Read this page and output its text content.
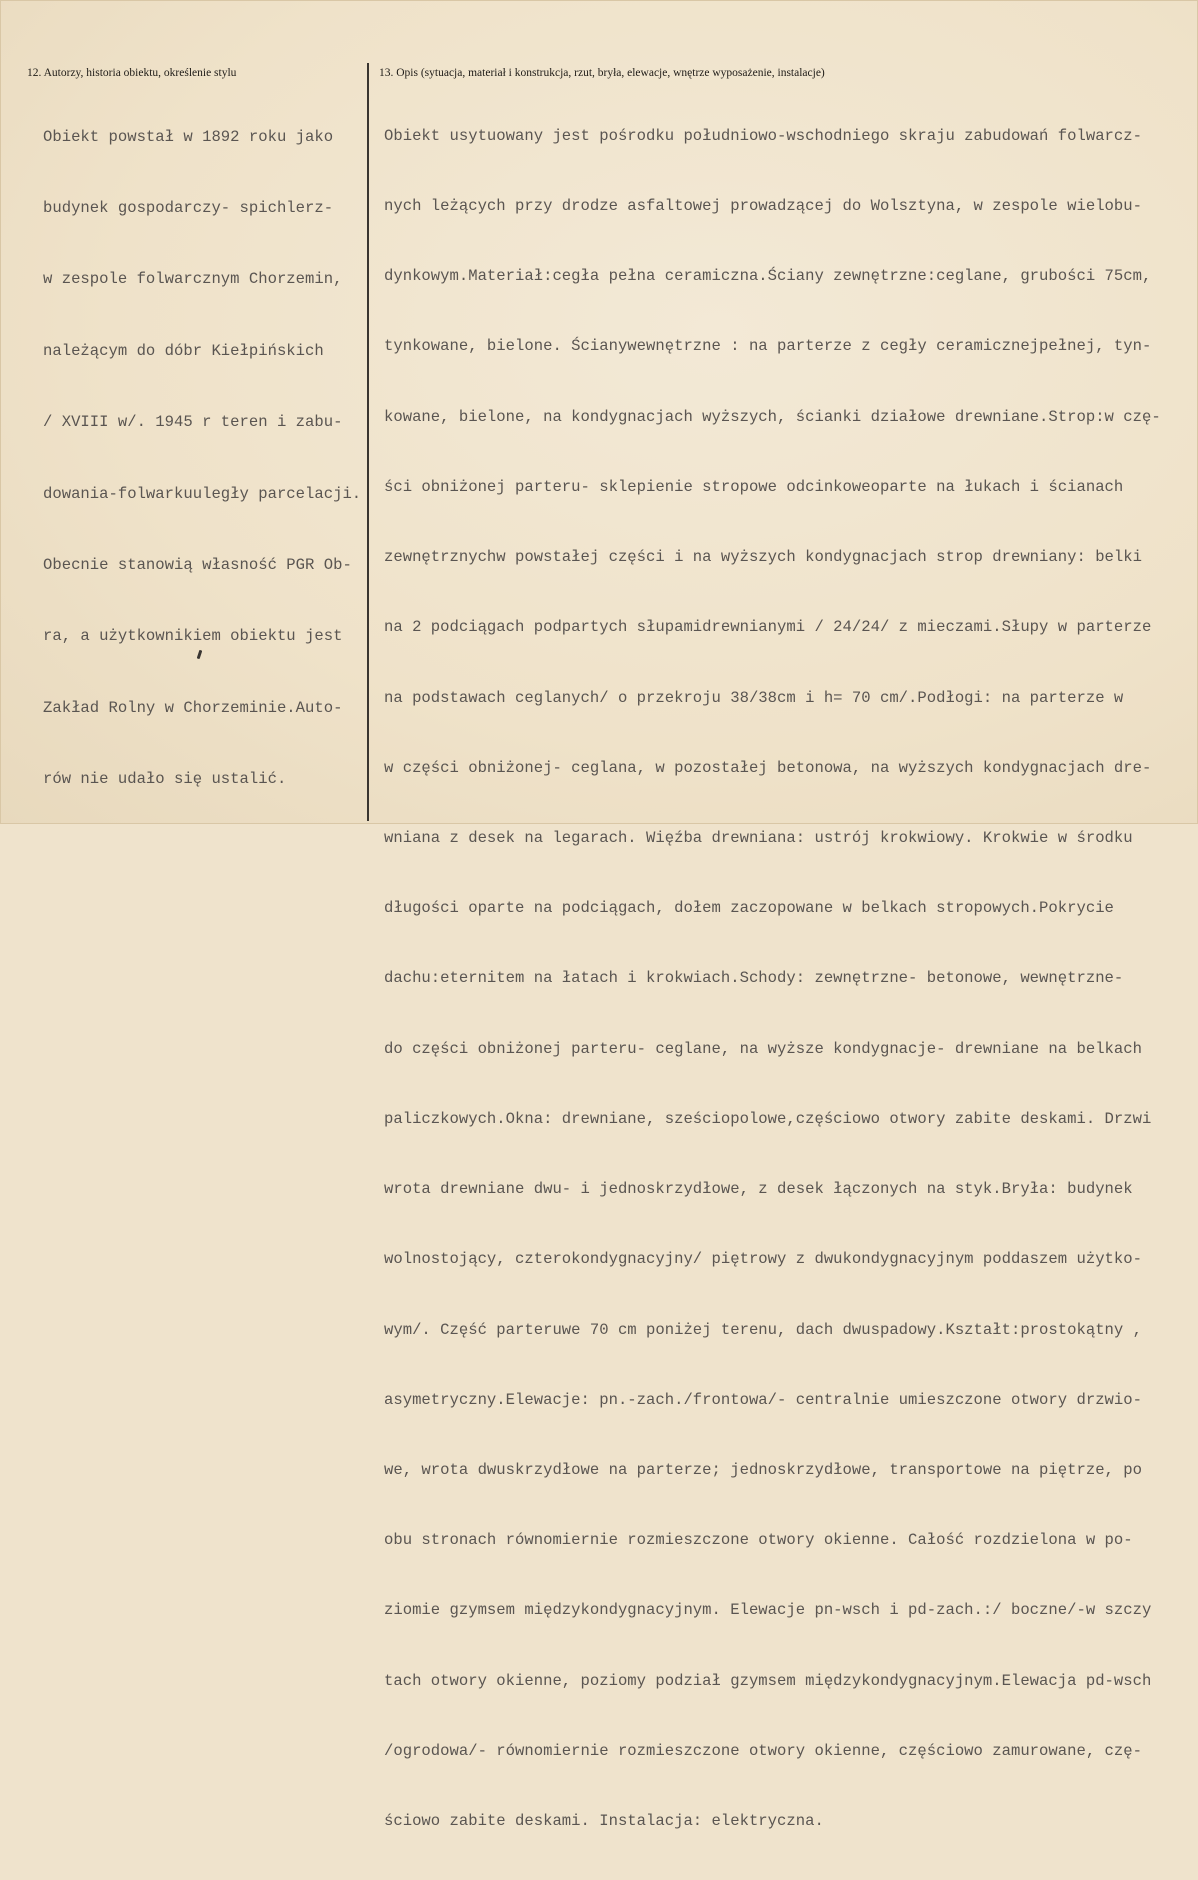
12. Autorzy, historia obiektu, określenie stylu	13. Opis (sytuacja, materiał i konstrukcja, rzut, bryła, elewacje, wnętrze wyposażenie, instalacje)

Obiekt powstał w 1892 roku jako

budynek gospodarczy- spichlerz-

w zespole folwarcznym Chorzemin,

należącym do dóbr Kiełpińskich

/ XVIII w/. 1945 r teren i zabu-

dowania-folwarkuuległy parcelacji.

Obecnie stanowią własność PGR Ob-

ra, a użytkownikiem obiektu jest

Zakład Rolny w Chorzeminie.Auto-

rów nie udało się ustalić.

Obiekt usytuowany jest pośrodku południowo-wschodniego skraju zabudowań folwarcz-

nych leżących przy drodze asfaltowej prowadzącej do Wolsztyna, w zespole wielobu-

dynkowym.Materiał:cegła pełna ceramiczna.Ściany zewnętrzne:ceglane, grubości 75cm,

tynkowane, bielone. Ścianywewnętrzne : na parterze z cegły ceramicznejpełnej, tyn-

kowane, bielone, na kondygnacjach wyższych, ścianki działowe drewniane.Strop:w czę-

ści obniżonej parteru- sklepienie stropowe odcinkoweoparte na łukach i ścianach

zewnętrznychw powstałej części i na wyższych kondygnacjach strop drewniany: belki

na 2 podciągach podpartych słupamidrewnianymi / 24/24/ z mieczami.Słupy w parterze

na podstawach ceglanych/ o przekroju 38/38cm i h= 70 cm/.Podłogi: na parterze w

w części obniżonej- ceglana, w pozostałej betonowa, na wyższych kondygnacjach dre-

wniana z desek na legarach. Więźba drewniana: ustrój krokwiowy. Krokwie w środku

długości oparte na podciągach, dołem zaczopowane w belkach stropowych.Pokrycie

dachu:eternitem na łatach i krokwiach.Schody: zewnętrzne- betonowe, wewnętrzne-

do części obniżonej parteru- ceglane, na wyższe kondygnacje- drewniane na belkach

paliczkowych.Okna: drewniane, sześciopolowe,częściowo otwory zabite deskami. Drzwi

wrota drewniane dwu- i jednoskrzydłowe, z desek łączonych na styk.Bryła: budynek

wolnostojący, czterokondygnacyjny/ piętrowy z dwukondygnacyjnym poddaszem użytko-

wym/. Część parteruwe 70 cm poniżej terenu, dach dwuspadowy.Kształt:prostokątny ,

asymetryczny.Elewacje: pn.-zach./frontowa/- centralnie umieszczone otwory drzwio-

we, wrota dwuskrzydłowe na parterze; jednoskrzydłowe, transportowe na piętrze, po

obu stronach równomiernie rozmieszczone otwory okienne. Całość rozdzielona w po-

ziomie gzymsem międzykondygnacyjnym. Elewacje pn-wsch i pd-zach.:/ boczne/-w szczy

tach otwory okienne, poziomy podział gzymsem międzykondygnacyjnym.Elewacja pd-wsch

/ogrodowa/- równomiernie rozmieszczone otwory okienne, częściowo zamurowane, czę-

ściowo zabite deskami. Instalacja: elektryczna.
